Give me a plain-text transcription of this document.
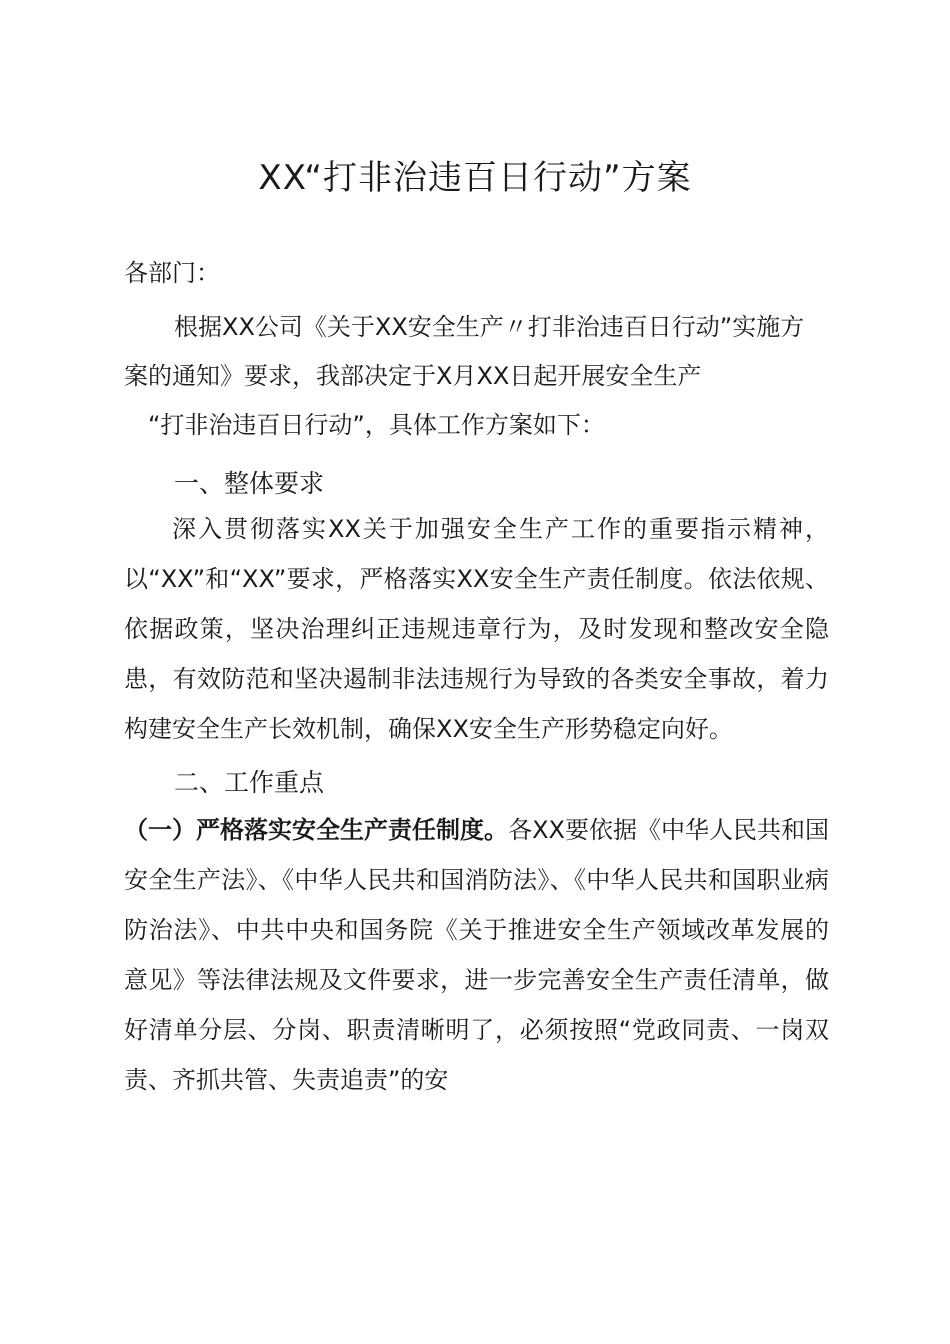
XX“打非治违百日行动”方案
各部门：
根据XX公司《关于XX安全生产〃打非治违百日行动”实施方
案的通知》要求，我部决定于X月XX日起开展安全生产
“打非治违百日行动”，具体工作方案如下：
一、整体要求

深入贯彻落实XX关于加强安全生产工作的重要指示精神，以“XX”和“XX”要求，严格落实XX安全生产责任制度。依法依规、依据政策，坚决治理纠正违规违章行为，及时发现和整改安全隐患，有效防范和坚决遏制非法违规行为导致的各类安全事故，着力构建安全生产长效机制，确保XX安全生产形势稳定向好。

二、工作重点

（一）严格落实安全生产责任制度。各XX要依据《中华人民共和国安全生产法》、《中华人民共和国消防法》、《中华人民共和国职业病防治法》、中共中央和国务院《关于推进安全生产领域改革发展的意见》等法律法规及文件要求，进一步完善安全生产责任清单，做好清单分层、分岗、职责清晰明了，必须按照“党政同责、一岗双责、齐抓共管、失责追责”的安
